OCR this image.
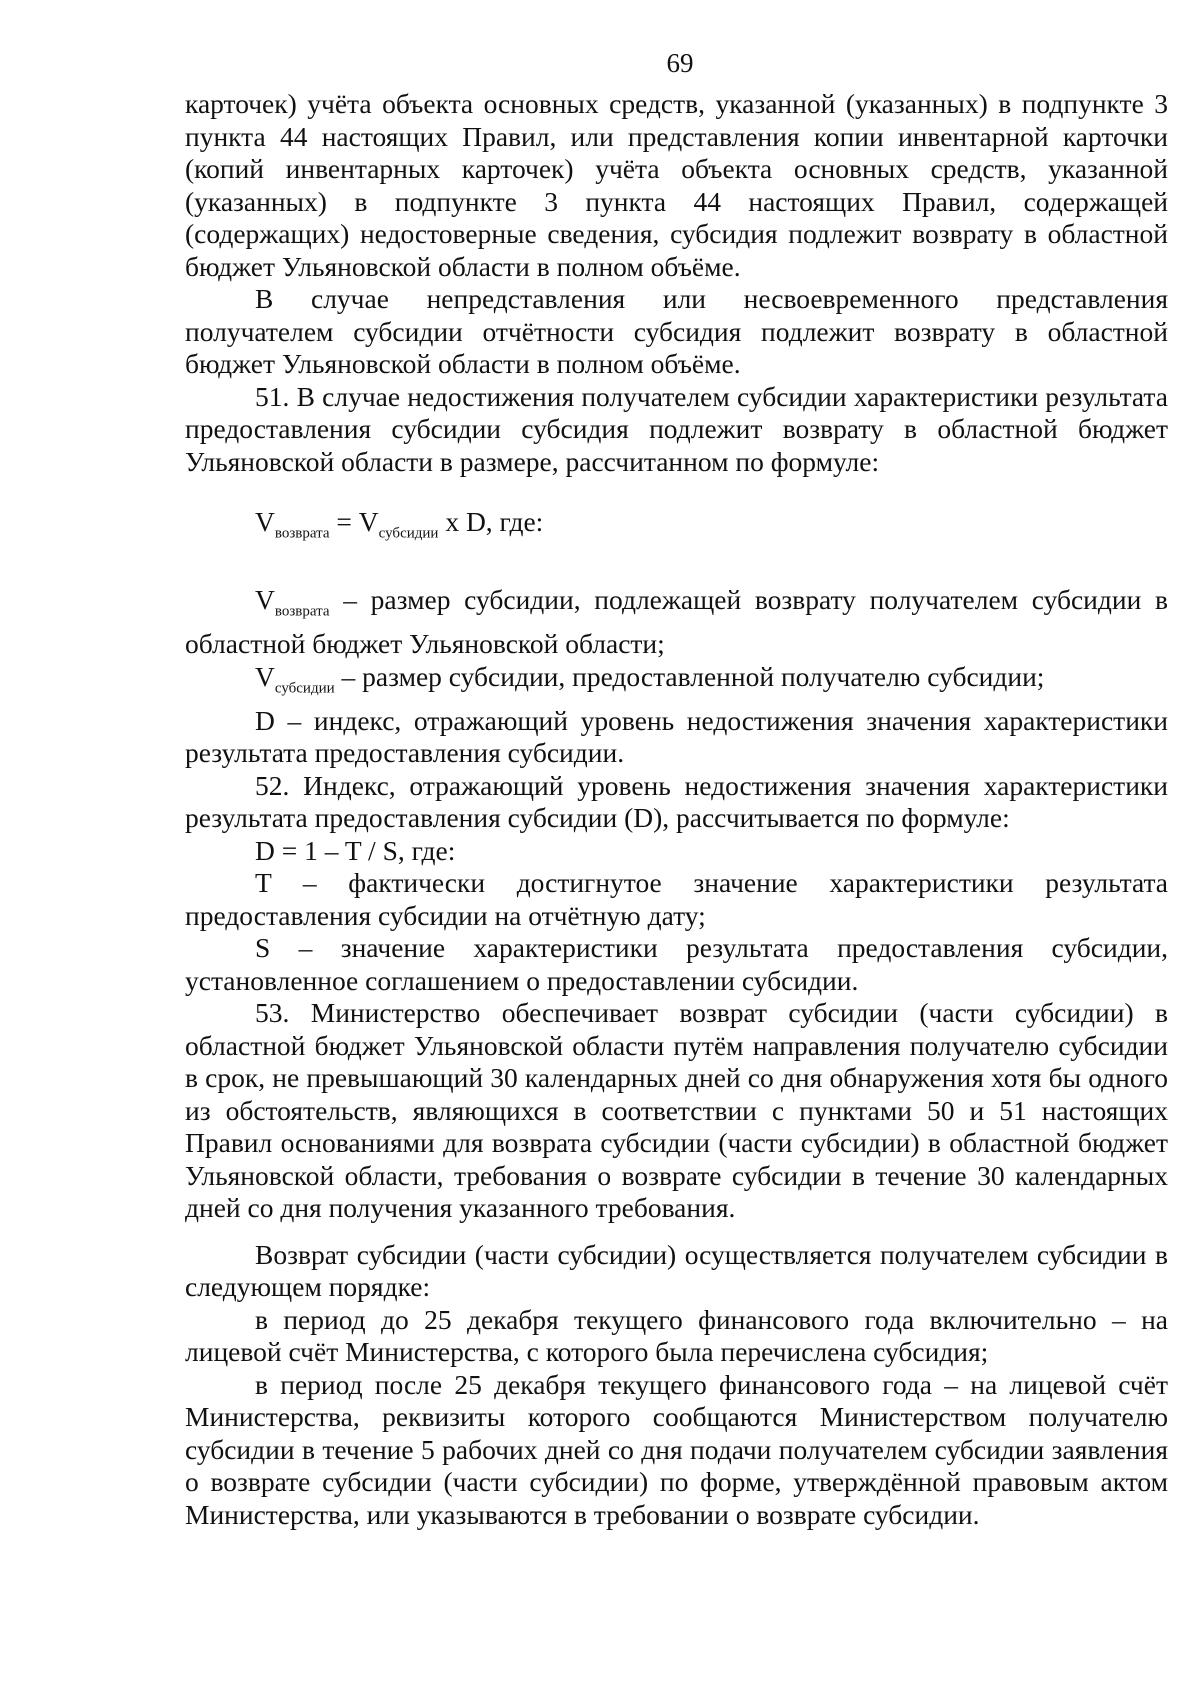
69

карточек) учёта объекта основных средств, указанной (указанных) в подпункте 3 пункта 44 настоящих Правил, или представления копии инвентарной карточки (копий инвентарных карточек) учёта объекта основных средств, указанной (указанных) в подпункте 3 пункта 44 настоящих Правил, содержащей (содержащих) недостоверные сведения, субсидия подлежит возврату в областной бюджет Ульяновской области в полном объёме.

В случае непредставления или несвоевременного представления получателем субсидии отчётности субсидия подлежит возврату в областной бюджет Ульяновской области в полном объёме.

51. В случае недостижения получателем субсидии характеристики результата предоставления субсидии субсидия подлежит возврату в областной бюджет Ульяновской области в размере, рассчитанном по формуле:

$V_{возврата} = V_{субсидии}$ x D, где:

$V_{возврата}$ – размер субсидии, подлежащей возврату получателем субсидии в областной бюджет Ульяновской области;

$V_{субсидии}$ – размер субсидии, предоставленной получателю субсидии;

D – индекс, отражающий уровень недостижения значения характеристики результата предоставления субсидии.

52. Индекс, отражающий уровень недостижения значения характеристики результата предоставления субсидии (D), рассчитывается по формуле:

D = 1 – T / S, где:

T – фактически достигнутое значение характеристики результата предоставления субсидии на отчётную дату;

S – значение характеристики результата предоставления субсидии, установленное соглашением о предоставлении субсидии.

53. Министерство обеспечивает возврат субсидии (части субсидии) в областной бюджет Ульяновской области путём направления получателю субсидии в срок, не превышающий 30 календарных дней со дня обнаружения хотя бы одного из обстоятельств, являющихся в соответствии с пунктами 50 и 51 настоящих Правил основаниями для возврата субсидии (части субсидии) в областной бюджет Ульяновской области, требования о возврате субсидии в течение 30 календарных дней со дня получения указанного требования.

Возврат субсидии (части субсидии) осуществляется получателем субсидии в следующем порядке:

в период до 25 декабря текущего финансового года включительно – на лицевой счёт Министерства, с которого была перечислена субсидия;

в период после 25 декабря текущего финансового года – на лицевой счёт Министерства, реквизиты которого сообщаются Министерством получателю субсидии в течение 5 рабочих дней со дня подачи получателем субсидии заявления о возврате субсидии (части субсидии) по форме, утверждённой правовым актом Министерства, или указываются в требовании о возврате субсидии.
